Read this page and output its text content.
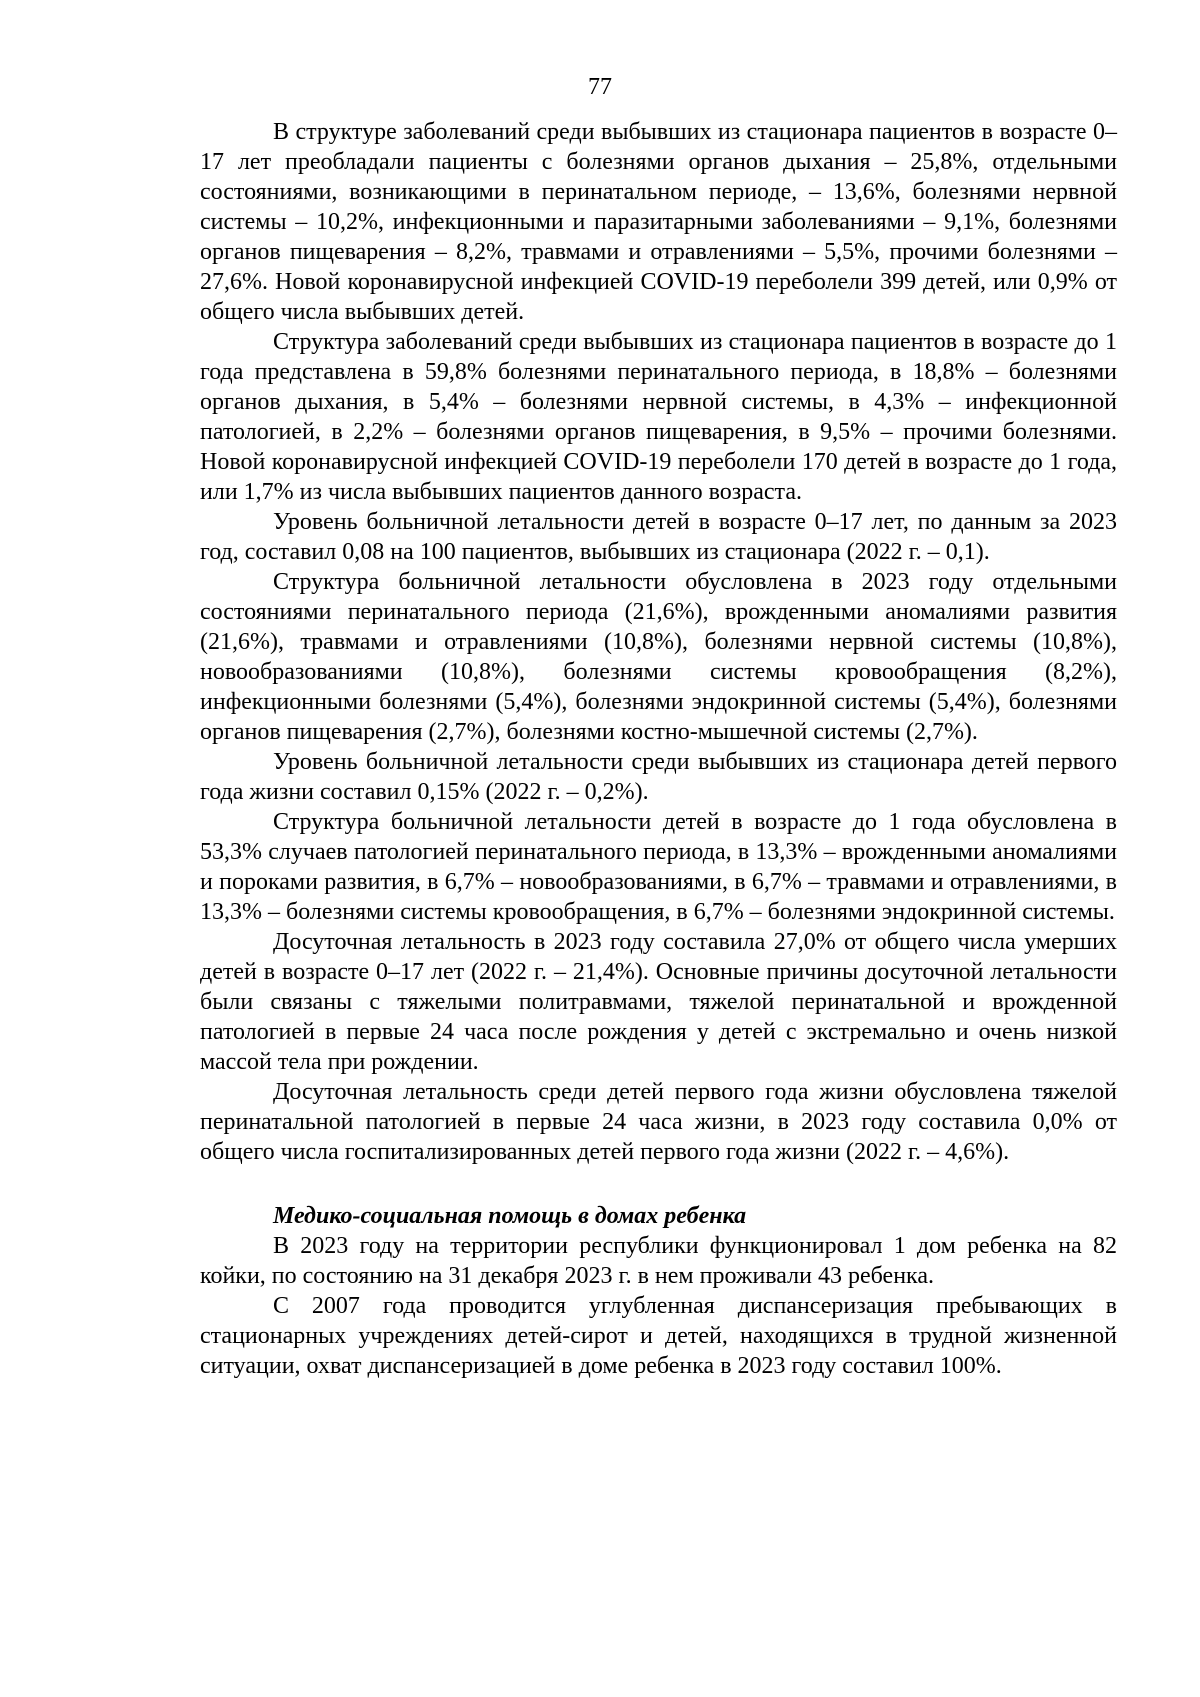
77

В структуре заболеваний среди выбывших из стационара пациентов в возрасте 0–17 лет преобладали пациенты с болезнями органов дыхания – 25,8%, отдельными состояниями, возникающими в перинатальном периоде, – 13,6%, болезнями нервной системы – 10,2%, инфекционными и паразитарными заболеваниями – 9,1%, болезнями органов пищеварения – 8,2%, травмами и отравлениями – 5,5%, прочими болезнями – 27,6%. Новой коронавирусной инфекцией COVID-19 переболели 399 детей, или 0,9% от общего числа выбывших детей.

Структура заболеваний среди выбывших из стационара пациентов в возрасте до 1 года представлена в 59,8% болезнями перинатального периода, в 18,8% – болезнями органов дыхания, в 5,4% – болезнями нервной системы, в 4,3% – инфекционной патологией, в 2,2% – болезнями органов пищеварения, в 9,5% – прочими болезнями. Новой коронавирусной инфекцией COVID-19 переболели 170 детей в возрасте до 1 года, или 1,7% из числа выбывших пациентов данного возраста.

Уровень больничной летальности детей в возрасте 0–17 лет, по данным за 2023 год, составил 0,08 на 100 пациентов, выбывших из стационара (2022 г. – 0,1).

Структура больничной летальности обусловлена в 2023 году отдельными состояниями перинатального периода (21,6%), врожденными аномалиями развития (21,6%), травмами и отравлениями (10,8%), болезнями нервной системы (10,8%), новообразованиями (10,8%), болезнями системы кровообращения (8,2%), инфекционными болезнями (5,4%), болезнями эндокринной системы (5,4%), болезнями органов пищеварения (2,7%), болезнями костно-мышечной системы (2,7%).

Уровень больничной летальности среди выбывших из стационара детей первого года жизни составил 0,15% (2022 г. – 0,2%).

Структура больничной летальности детей в возрасте до 1 года обусловлена в 53,3% случаев патологией перинатального периода, в 13,3% – врожденными аномалиями и пороками развития, в 6,7% – новообразованиями, в 6,7% – травмами и отравлениями, в 13,3% – болезнями системы кровообращения, в 6,7% – болезнями эндокринной системы.

Досуточная летальность в 2023 году составила 27,0% от общего числа умерших детей в возрасте 0–17 лет (2022 г. – 21,4%). Основные причины досуточной летальности были связаны с тяжелыми политравмами, тяжелой перинатальной и врожденной патологией в первые 24 часа после рождения у детей с экстремально и очень низкой массой тела при рождении.

Досуточная летальность среди детей первого года жизни обусловлена тяжелой перинатальной патологией в первые 24 часа жизни, в 2023 году составила 0,0% от общего числа госпитализированных детей первого года жизни (2022 г. – 4,6%).

Медико-социальная помощь в домах ребенка

В 2023 году на территории республики функционировал 1 дом ребенка на 82 койки, по состоянию на 31 декабря 2023 г. в нем проживали 43 ребенка.

С 2007 года проводится углубленная диспансеризация пребывающих в стационарных учреждениях детей-сирот и детей, находящихся в трудной жизненной ситуации, охват диспансеризацией в доме ребенка в 2023 году составил 100%.
